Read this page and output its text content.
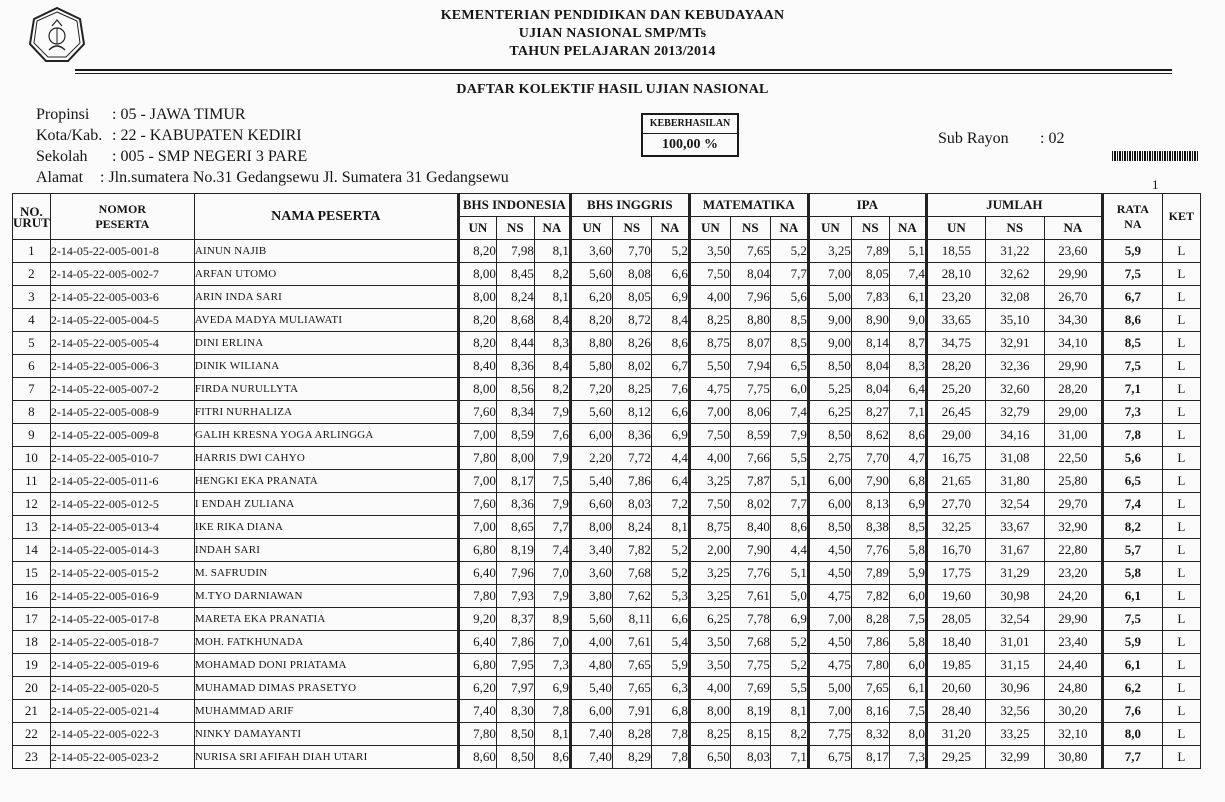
KEMENTERIAN PENDIDIKAN DAN KEBUDAYAAN
UJIAN NASIONAL SMP/MTs
TAHUN PELAJARAN 2013/2014
DAFTAR KOLEKTIF HASIL UJIAN NASIONAL
Propinsi : 05 - JAWA TIMUR
Kota/Kab. : 22 - KABUPATEN KEDIRI
Sekolah : 005 - SMP NEGERI 3 PARE
Alamat : Jln.sumatera No.31 Gedangsewu Jl. Sumatera 31 Gedangsewu
KEBERHASILAN
100,00 %	Sub Rayon : 02
1
NO.
URUT	NOMOR
PESERTA	NAMA PESERTA	BHS INDONESIA			BHS INGGRIS			MATEMATIKA			IPA			JUMLAH			RATA
NA	KET
			UN	NS	NA	UN	NS	NA	UN	NS	NA	UN	NS	NA	UN	NS	NA		
1	2-14-05-22-005-001-8	AINUN NAJIB	8,20	7,98	8,1	3,60	7,70	5,2	3,50	7,65	5,2	3,25	7,89	5,1	18,55	31,22	23,60	5,9	L
2	2-14-05-22-005-002-7	ARFAN UTOMO	8,00	8,45	8,2	5,60	8,08	6,6	7,50	8,04	7,7	7,00	8,05	7,4	28,10	32,62	29,90	7,5	L
3	2-14-05-22-005-003-6	ARIN INDA SARI	8,00	8,24	8,1	6,20	8,05	6,9	4,00	7,96	5,6	5,00	7,83	6,1	23,20	32,08	26,70	6,7	L
4	2-14-05-22-005-004-5	AVEDA MADYA MULIAWATI	8,20	8,68	8,4	8,20	8,72	8,4	8,25	8,80	8,5	9,00	8,90	9,0	33,65	35,10	34,30	8,6	L
5	2-14-05-22-005-005-4	DINI ERLINA	8,20	8,44	8,3	8,80	8,26	8,6	8,75	8,07	8,5	9,00	8,14	8,7	34,75	32,91	34,10	8,5	L
6	2-14-05-22-005-006-3	DINIK WILIANA	8,40	8,36	8,4	5,80	8,02	6,7	5,50	7,94	6,5	8,50	8,04	8,3	28,20	32,36	29,90	7,5	L
7	2-14-05-22-005-007-2	FIRDA NURULLYTA	8,00	8,56	8,2	7,20	8,25	7,6	4,75	7,75	6,0	5,25	8,04	6,4	25,20	32,60	28,20	7,1	L
8	2-14-05-22-005-008-9	FITRI NURHALIZA	7,60	8,34	7,9	5,60	8,12	6,6	7,00	8,06	7,4	6,25	8,27	7,1	26,45	32,79	29,00	7,3	L
9	2-14-05-22-005-009-8	GALIH KRESNA YOGA ARLINGGA	7,00	8,59	7,6	6,00	8,36	6,9	7,50	8,59	7,9	8,50	8,62	8,6	29,00	34,16	31,00	7,8	L
10	2-14-05-22-005-010-7	HARRIS DWI CAHYO	7,80	8,00	7,9	2,20	7,72	4,4	4,00	7,66	5,5	2,75	7,70	4,7	16,75	31,08	22,50	5,6	L
11	2-14-05-22-005-011-6	HENGKI EKA PRANATA	7,00	8,17	7,5	5,40	7,86	6,4	3,25	7,87	5,1	6,00	7,90	6,8	21,65	31,80	25,80	6,5	L
12	2-14-05-22-005-012-5	I ENDAH ZULIANA	7,60	8,36	7,9	6,60	8,03	7,2	7,50	8,02	7,7	6,00	8,13	6,9	27,70	32,54	29,70	7,4	L
13	2-14-05-22-005-013-4	IKE RIKA DIANA	7,00	8,65	7,7	8,00	8,24	8,1	8,75	8,40	8,6	8,50	8,38	8,5	32,25	33,67	32,90	8,2	L
14	2-14-05-22-005-014-3	INDAH SARI	6,80	8,19	7,4	3,40	7,82	5,2	2,00	7,90	4,4	4,50	7,76	5,8	16,70	31,67	22,80	5,7	L
15	2-14-05-22-005-015-2	M. SAFRUDIN	6,40	7,96	7,0	3,60	7,68	5,2	3,25	7,76	5,1	4,50	7,89	5,9	17,75	31,29	23,20	5,8	L
16	2-14-05-22-005-016-9	M.TYO DARNIAWAN	7,80	7,93	7,9	3,80	7,62	5,3	3,25	7,61	5,0	4,75	7,82	6,0	19,60	30,98	24,20	6,1	L
17	2-14-05-22-005-017-8	MARETA EKA PRANATIA	9,20	8,37	8,9	5,60	8,11	6,6	6,25	7,78	6,9	7,00	8,28	7,5	28,05	32,54	29,90	7,5	L
18	2-14-05-22-005-018-7	MOH. FATKHUNADA	6,40	7,86	7,0	4,00	7,61	5,4	3,50	7,68	5,2	4,50	7,86	5,8	18,40	31,01	23,40	5,9	L
19	2-14-05-22-005-019-6	MOHAMAD DONI PRIATAMA	6,80	7,95	7,3	4,80	7,65	5,9	3,50	7,75	5,2	4,75	7,80	6,0	19,85	31,15	24,40	6,1	L
20	2-14-05-22-005-020-5	MUHAMAD DIMAS PRASETYO	6,20	7,97	6,9	5,40	7,65	6,3	4,00	7,69	5,5	5,00	7,65	6,1	20,60	30,96	24,80	6,2	L
21	2-14-05-22-005-021-4	MUHAMMAD ARIF	7,40	8,30	7,8	6,00	7,91	6,8	8,00	8,19	8,1	7,00	8,16	7,5	28,40	32,56	30,20	7,6	L
22	2-14-05-22-005-022-3	NINKY DAMAYANTI	7,80	8,50	8,1	7,40	8,28	7,8	8,25	8,15	8,2	7,75	8,32	8,0	31,20	33,25	32,10	8,0	L
23	2-14-05-22-005-023-2	NURISA SRI AFIFAH DIAH UTARI	8,60	8,50	8,6	7,40	8,29	7,8	6,50	8,03	7,1	6,75	8,17	7,3	29,25	32,99	30,80	7,7	L
